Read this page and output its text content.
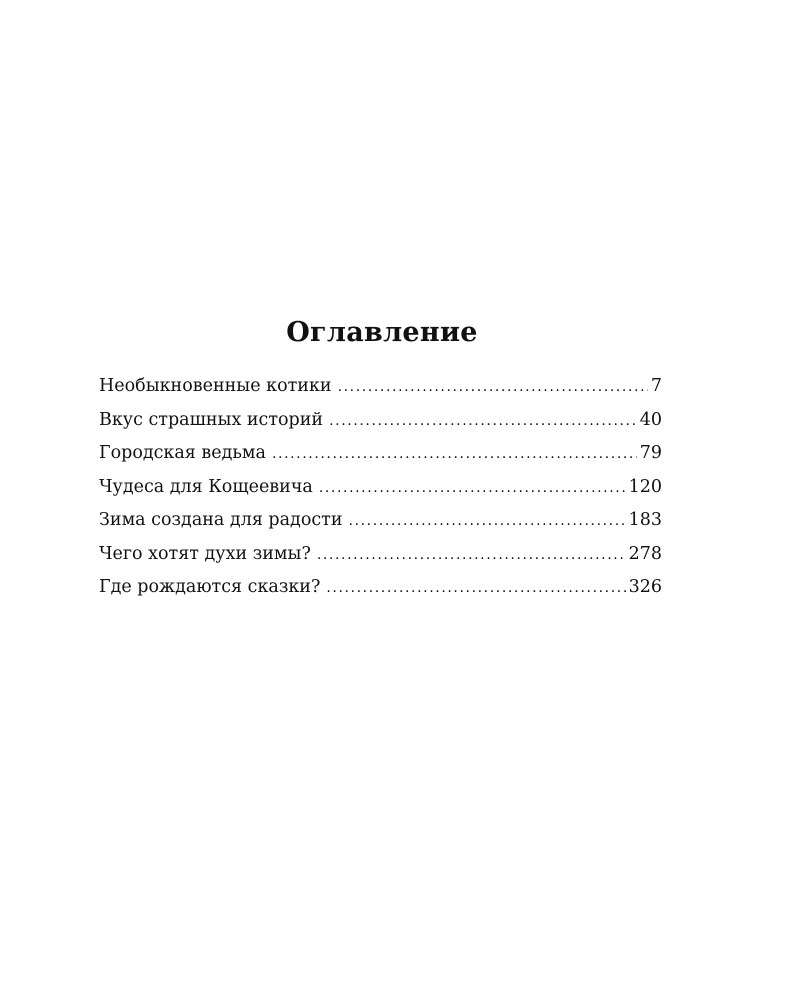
Оглавление
Необыкновенные котики .....	7
Вкус страшных историй .....	40
Городская ведьма .....	79
Чудеса для Кощеевича .....	120
Зима создана для радости .....	183
Чего хотят духи зимы? .....	278
Где рождаются сказки? .....	326
